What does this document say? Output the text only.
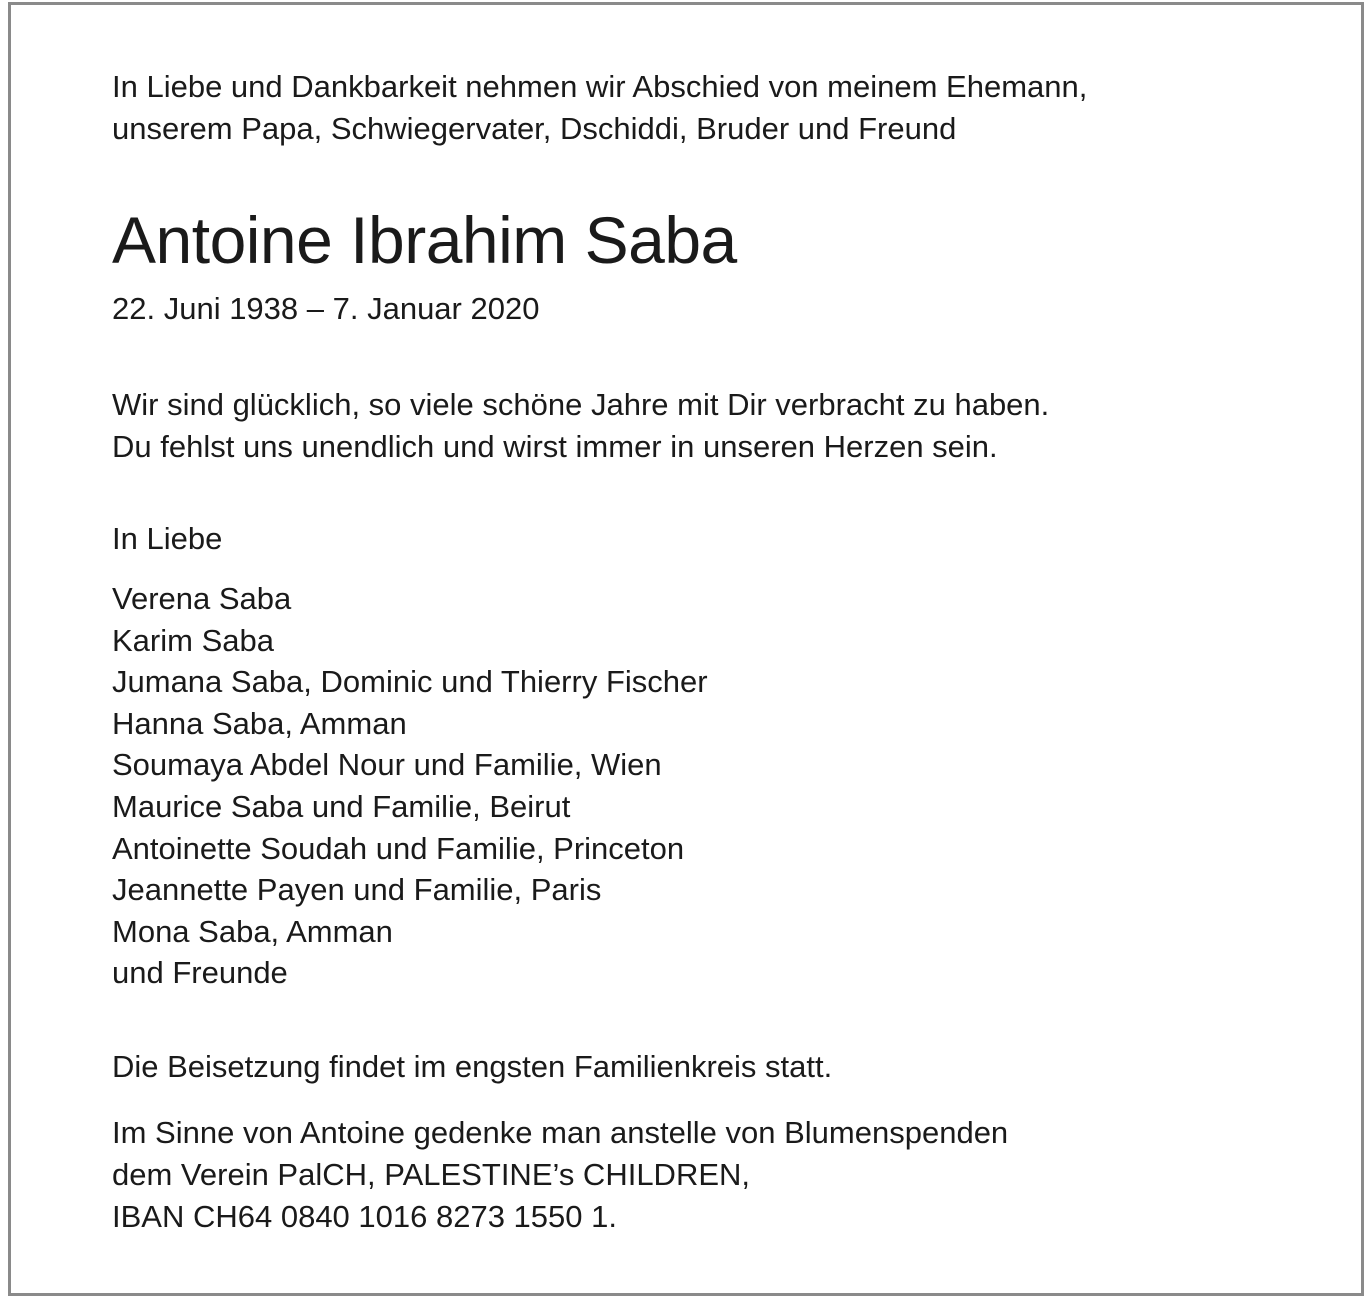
In Liebe und Dankbarkeit nehmen wir Abschied von meinem Ehemann,
unserem Papa, Schwiegervater, Dschiddi, Bruder und Freund

Antoine Ibrahim Saba

22. Juni 1938 – 7. Januar 2020

Wir sind glücklich, so viele schöne Jahre mit Dir verbracht zu haben.
Du fehlst uns unendlich und wirst immer in unseren Herzen sein.

In Liebe

Verena Saba
Karim Saba
Jumana Saba, Dominic und Thierry Fischer
Hanna Saba, Amman
Soumaya Abdel Nour und Familie, Wien
Maurice Saba und Familie, Beirut
Antoinette Soudah und Familie, Princeton
Jeannette Payen und Familie, Paris
Mona Saba, Amman
und Freunde

Die Beisetzung findet im engsten Familienkreis statt.

Im Sinne von Antoine gedenke man anstelle von Blumenspenden
dem Verein PalCH, PALESTINE’s CHILDREN,
IBAN CH64 0840 1016 8273 1550 1.
